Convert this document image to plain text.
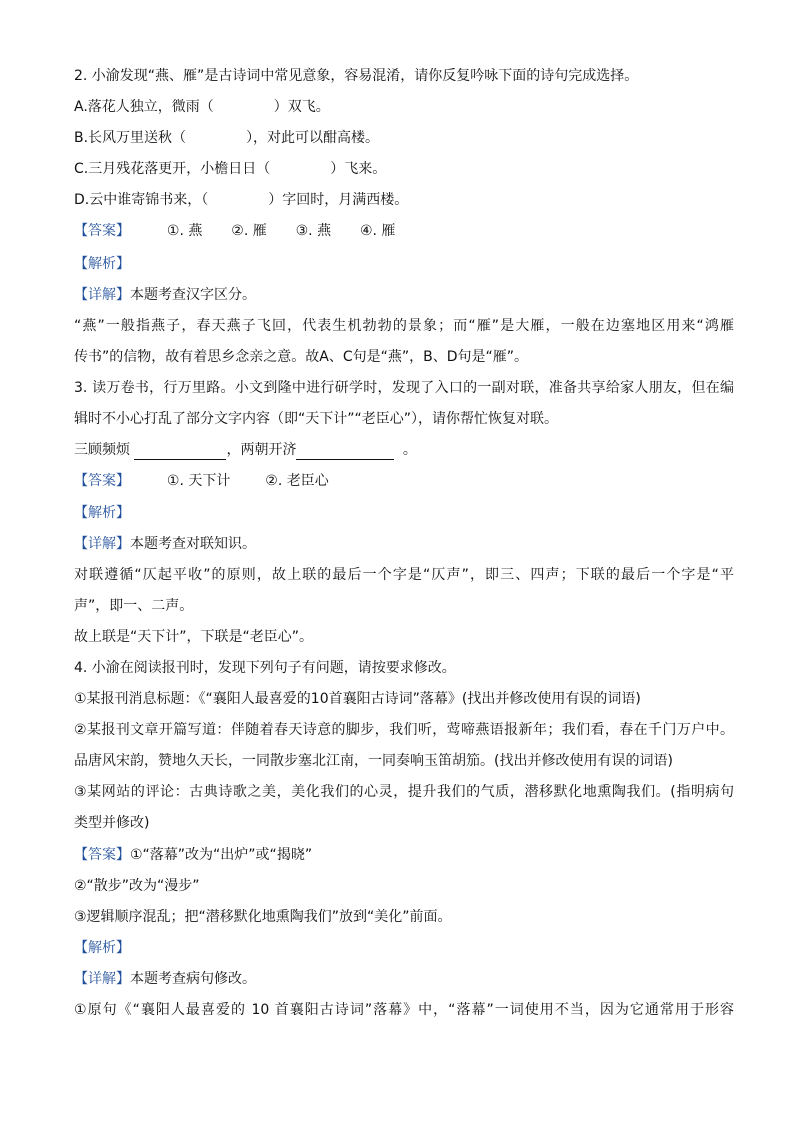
2. 小渝发现“燕、雁”是古诗词中常见意象，容易混淆，请你反复吟咏下面的诗句完成选择。
A.落花人独立，微雨（	）双飞。
B.长风万里送秋（	），对此可以酣高楼。
C.三月残花落更开，小檐日日（	）飞来。
D.云中谁寄锦书来，（	）字回时，月满西楼。
【答案】	①. 燕 ②. 雁 ③. 燕 ④. 雁
【解析】
【详解】本题考查汉字区分。
“燕”一般指燕子，春天燕子飞回，代表生机勃勃的景象；而“雁”是大雁，一般在边塞地区用来“鸿雁
传书”的信物，故有着思乡念亲之意。故A、C句是“燕”，B、D句是“雁”。
3. 读万卷书，行万里路。小文到隆中进行研学时，发现了入口的一副对联，准备共享给家人朋友，但在编
辑时不小心打乱了部分文字内容（即“天下计”“老臣心”），请你帮忙恢复对联。
三顾频烦	，两朝开济	。
【答案】	①. 天下计 ②. 老臣心
【解析】
【详解】本题考查对联知识。
对联遵循“仄起平收”的原则，故上联的最后一个字是“仄声”，即三、四声；下联的最后一个字是“平
声”，即一、二声。
故上联是“天下计”，下联是“老臣心”。
4. 小渝在阅读报刊时，发现下列句子有问题，请按要求修改。
①某报刊消息标题：《“襄阳人最喜爱的10首襄阳古诗词”落幕》(找出并修改使用有误的词语)
②某报刊文章开篇写道：伴随着春天诗意的脚步，我们听，莺啼燕语报新年；我们看，春在千门万户中。
品唐风宋韵，赞地久天长，一同散步塞北江南，一同奏响玉笛胡笳。(找出并修改使用有误的词语)
③某网站的评论：古典诗歌之美，美化我们的心灵，提升我们的气质，潜移默化地熏陶我们。(指明病句
类型并修改)
【答案】①“落幕”改为“出炉”或“揭晓”
②“散步”改为“漫步”
③逻辑顺序混乱；把“潜移默化地熏陶我们”放到“美化”前面。
【解析】
【详解】本题考查病句修改。
①原句《“襄阳人最喜爱的 10 首襄阳古诗词”落幕》中，“落幕”一词使用不当，因为它通常用于形容
